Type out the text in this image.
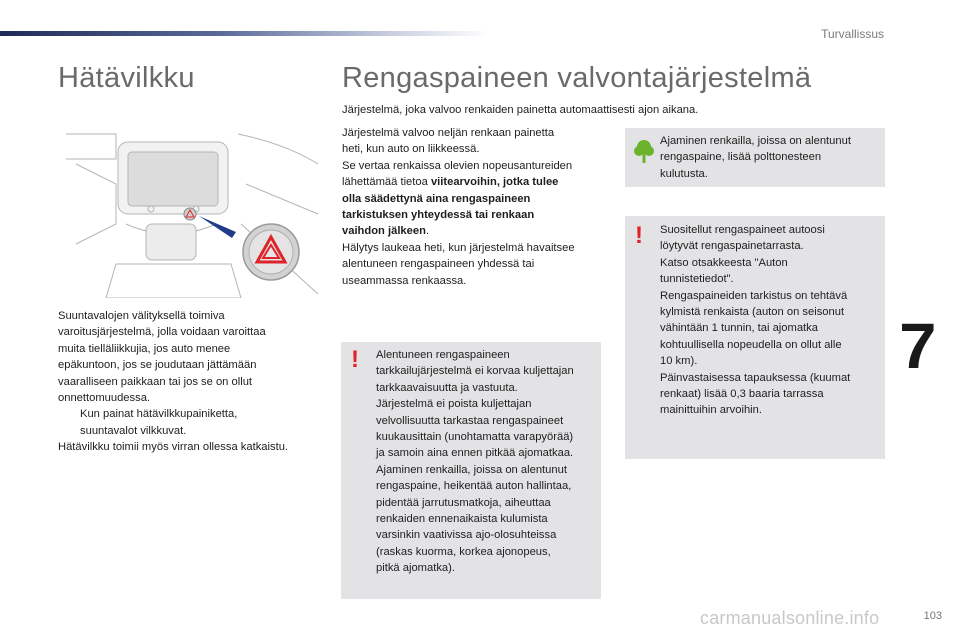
Turvallissus
Hätävilkku	Rengaspaineen valvontajärjestelmä
Suuntavalojen välityksellä toimiva
varoitusjärjestelmä, jolla voidaan varoittaa
muita tielläliikkujia, jos auto menee
epäkuntoon, jos se joudutaan jättämään
vaaralliseen paikkaan tai jos se on ollut
onnettomuudessa.
Kun painat hätävilkkupainiketta,
suuntavalot vilkkuvat.
Hätävilkku toimii myös virran ollessa katkaistu.
Järjestelmä, joka valvoo renkaiden painetta automaattisesti ajon aikana.
Järjestelmä valvoo neljän renkaan painetta
heti, kun auto on liikkeessä.
Se vertaa renkaissa olevien nopeusantureiden
lähettämää tietoa viitearvoihin, jotka tulee
olla säädettynä aina rengaspaineen
tarkistuksen yhteydessä tai renkaan
vaihdon jälkeen.
Hälytys laukeaa heti, kun järjestelmä havaitsee
alentuneen rengaspaineen yhdessä tai
useammassa renkaassa.
! Alentuneen rengaspaineen
tarkkailujärjestelmä ei korvaa kuljettajan
tarkkaavaisuutta ja vastuuta.
Järjestelmä ei poista kuljettajan
velvollisuutta tarkastaa rengaspaineet
kuukausittain (unohtamatta varapyörää)
ja samoin aina ennen pitkää ajomatkaa.
Ajaminen renkailla, joissa on alentunut
rengaspaine, heikentää auton hallintaa,
pidentää jarrutusmatkoja, aiheuttaa
renkaiden ennenaikaista kulumista
varsinkin vaativissa ajo-olosuhteissa
(raskas kuorma, korkea ajonopeus,
pitkä ajomatka).
Ajaminen renkailla, joissa on alentunut
rengaspaine, lisää polttonesteen
kulutusta.
! Suositellut rengaspaineet autoosi
löytyvät rengaspainetarrasta.
Katso otsakkeesta "Auton
tunnistetiedot".
Rengaspaineiden tarkistus on tehtävä
kylmistä renkaista (auton on seisonut
vähintään 1 tunnin, tai ajomatka
kohtuullisella nopeudella on ollut alle
10 km).
Päinvastaisessa tapauksessa (kuumat
renkaat) lisää 0,3 baaria tarrassa
mainittuihin arvoihin.
7
103
carmanualsonline.info
